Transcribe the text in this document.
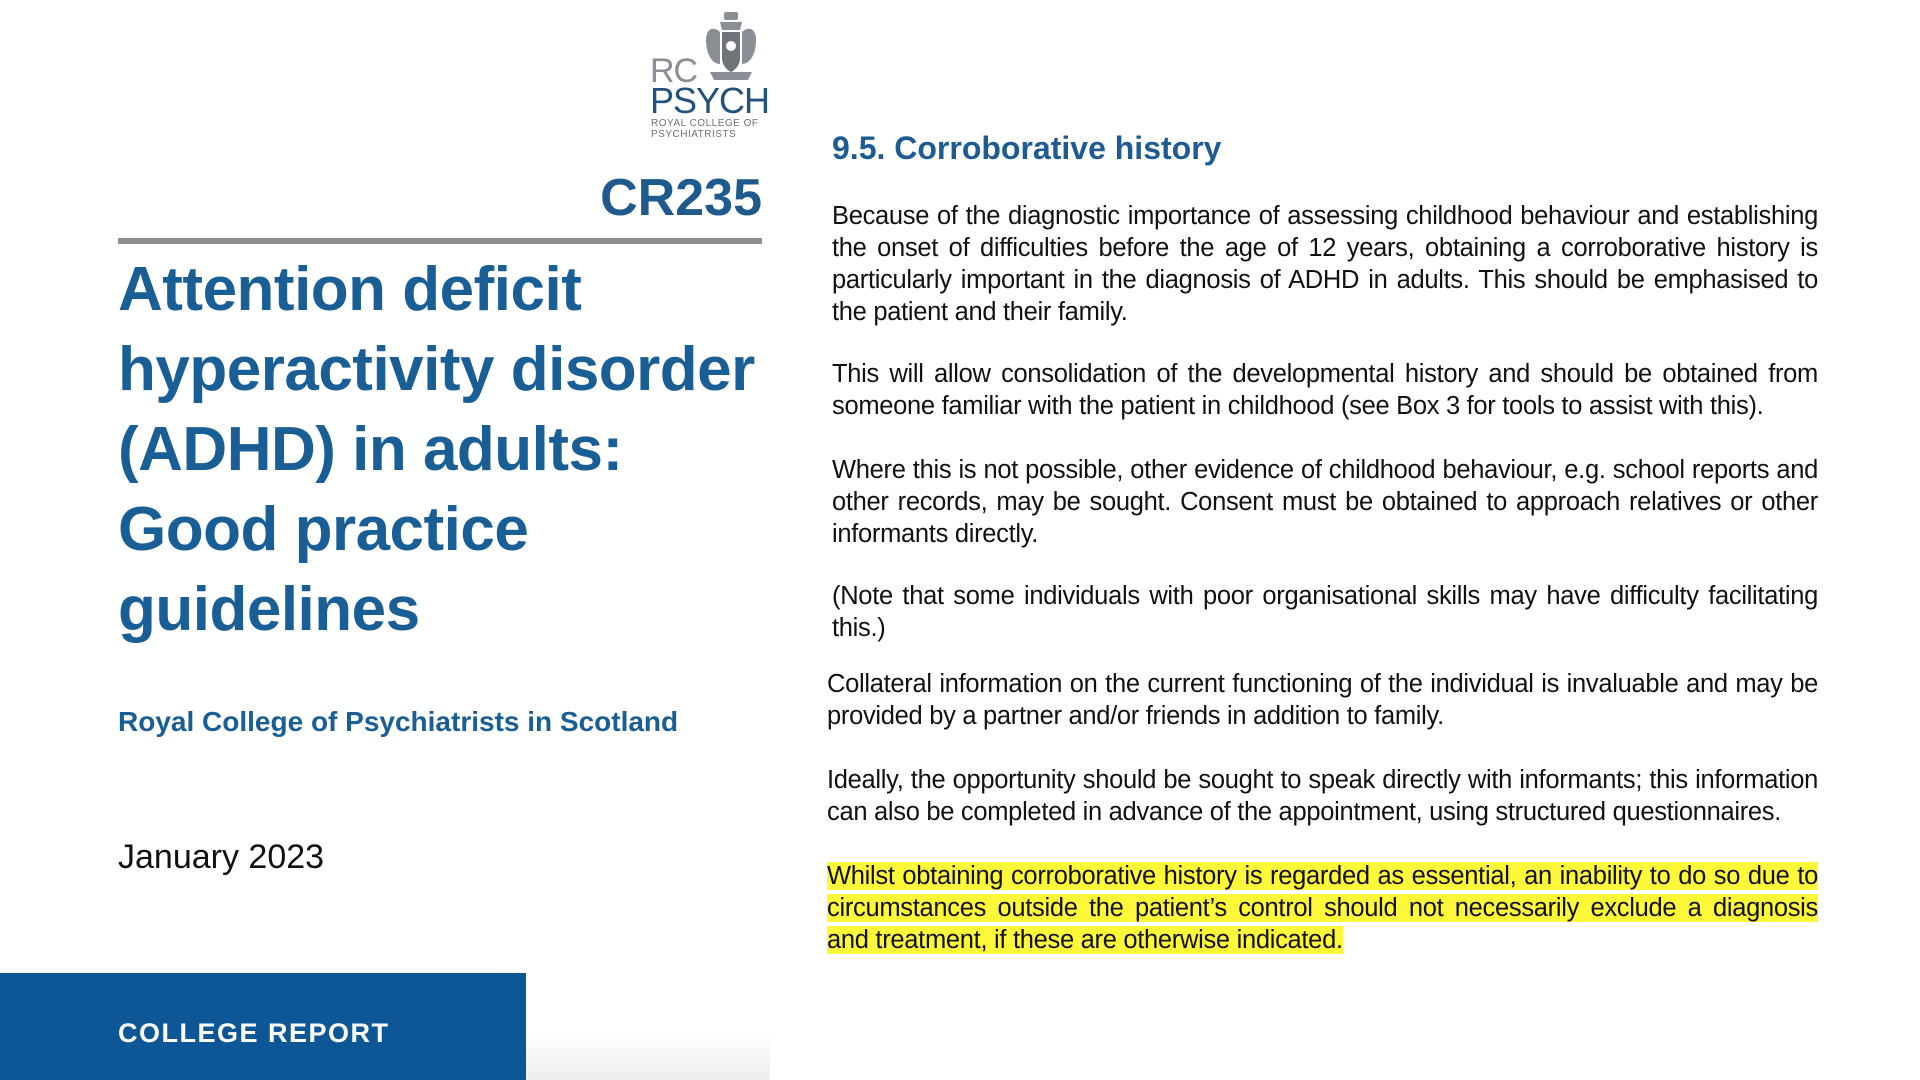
RC
PSYCH
ROYAL COLLEGE OF
PSYCHIATRISTS
CR235
Attention deficit hyperactivity disorder (ADHD) in adults: Good practice guidelines
Royal College of Psychiatrists in Scotland
January 2023
COLLEGE REPORT
9.5. Corroborative history

Because of the diagnostic importance of assessing childhood behaviour and establishing the onset of difficulties before the age of 12 years, obtaining a corroborative history is particularly important in the diagnosis of ADHD in adults. This should be emphasised to the patient and their family.

This will allow consolidation of the developmental history and should be obtained from someone familiar with the patient in childhood (see Box 3 for tools to assist with this).

Where this is not possible, other evidence of childhood behaviour, e.g. school reports and other records, may be sought. Consent must be obtained to approach relatives or other informants directly.

(Note that some individuals with poor organisational skills may have difficulty facilitating this.)

Collateral information on the current functioning of the individual is invaluable and may be provided by a partner and/or friends in addition to family.

Ideally, the opportunity should be sought to speak directly with informants; this information can also be completed in advance of the appointment, using structured questionnaires.

Whilst obtaining corroborative history is regarded as essential, an inability to do so due to circumstances outside the patient’s control should not necessarily exclude a diagnosis and treatment, if these are otherwise indicated.
